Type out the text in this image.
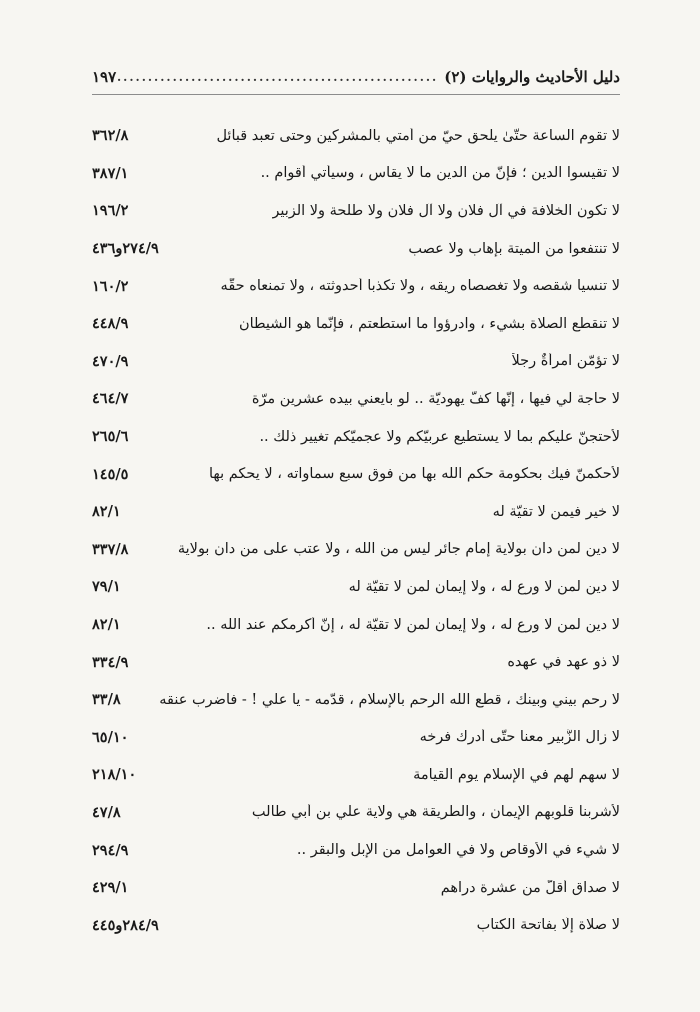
دليل الأحاديث والروايات (٢)
....................................................
١٩٧
لا تقوم الساعة حتّىٰ يلحق حيّ من أمتي بالمشركين وحتى تعبد قبائل
٣٦٢/٨
لا تقيسوا الدين ؛ فإنّ من الدين ما لا يقاس ، وسيأتي أقوام ..
٣٨٧/١
لا تكون الخلافة في آل فلان ولا آل فلان ولا طلحة ولا الزبير
١٩٦/٢
لا تنتفعوا من الميتة بإهاب ولا عصب
٢٧٤/٩و٤٣٦
لا تنسيا شقصه ولا تغصصاه ريقه ، ولا تكذبا أحدوثته ، ولا تمنعاه حقّه
١٦٠/٢
لا تنقطع الصلاة بشيء ، وادرؤوا ما استطعتم ، فإنّما هو الشيطان
٤٤٨/٩
لا تؤمّن امرأةٌ رجلاً
٤٧٠/٩
لا حاجة لي فيها ، إنّها كفّ يهوديّة .. لو بايعني بيده عشرين مرّة
٤٦٤/٧
لأحتجنّ عليكم بما لا يستطيع عربيّكم ولا عجميّكم تغيير ذلك ..
٢٦٥/٦
لأحكمنّ فيك بحكومة حكم الله بها من فوق سبع سماواته ، لا يحكم بها
١٤٥/٥
لا خير فيمن لا تقيّة له
٨٢/١
لا دين لمن دان بولاية إمام جائر ليس من الله ، ولا عتب على من دان بولاية
٣٣٧/٨
لا دين لمن لا ورع له ، ولا إيمان لمن لا تقيّة له
٧٩/١
لا دين لمن لا ورع له ، ولا إيمان لمن لا تقيّة له ، إنّ أكرمكم عند الله ..
٨٢/١
لا ذو عهد في عهده
٣٣٤/٩
لا رحم بيني وبينك ، قطع الله الرحم بالإسلام ، قدّمه - يا علي ! - فاضرب عنقه
٣٣/٨
لا زال الزُّبير معنا حتّى أدرك فرخه
٦٥/١٠
لا سهم لهم في الإسلام يوم القيامة
٢١٨/١٠
لأشربنا قلوبهم الإيمان ، والطريقة هي ولاية علي بن أبي طالب
٤٧/٨
لا شيء في الأوقاص ولا في العوامل من الإبل والبقر ..
٢٩٤/٩
لا صداق أقلّ من عشرة دراهم
٤٢٩/١
لا صلاة إلّا بفاتحة الكتاب
٢٨٤/٩و٤٤٥
